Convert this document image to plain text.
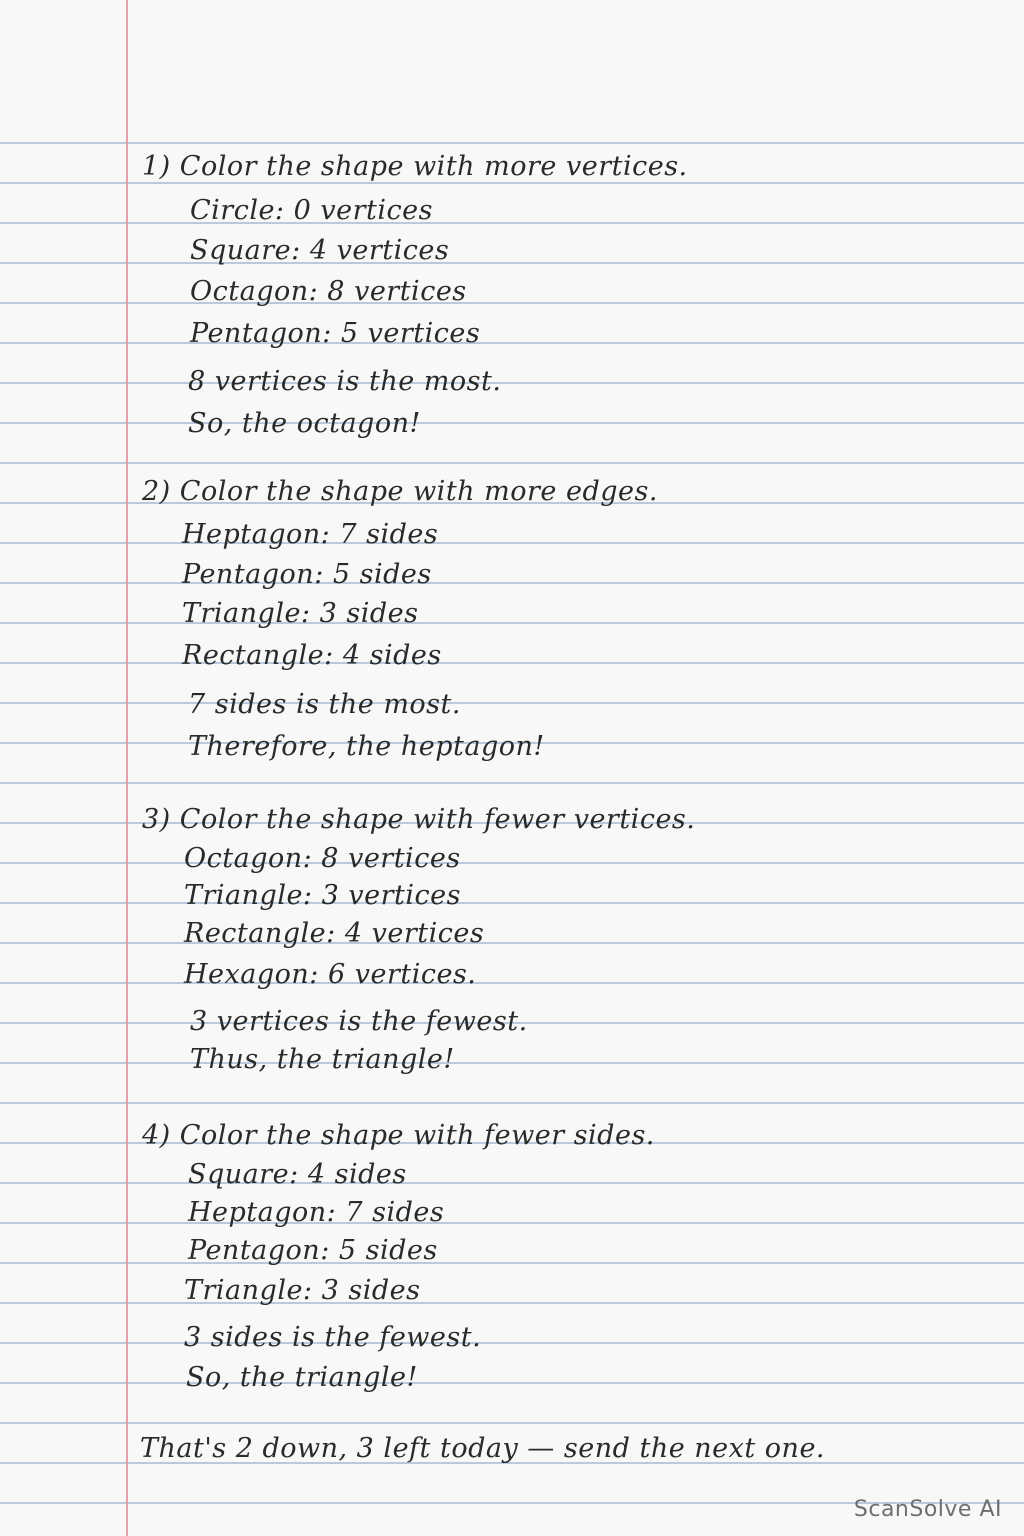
1) Color the shape with more vertices.
Circle: 0 vertices
Square: 4 vertices
Octagon: 8 vertices
Pentagon: 5 vertices
8 vertices is the most.
So, the octagon!
2) Color the shape with more edges.
Heptagon: 7 sides
Pentagon: 5 sides
Triangle: 3 sides
Rectangle: 4 sides
7 sides is the most.
Therefore, the heptagon!
3) Color the shape with fewer vertices.
Octagon: 8 vertices
Triangle: 3 vertices
Rectangle: 4 vertices
Hexagon: 6 vertices.
3 vertices is the fewest.
Thus, the triangle!
4) Color the shape with fewer sides.
Square: 4 sides
Heptagon: 7 sides
Pentagon: 5 sides
Triangle: 3 sides
3 sides is the fewest.
So, the triangle!
That's 2 down, 3 left today — send the next one.
ScanSolve AI
